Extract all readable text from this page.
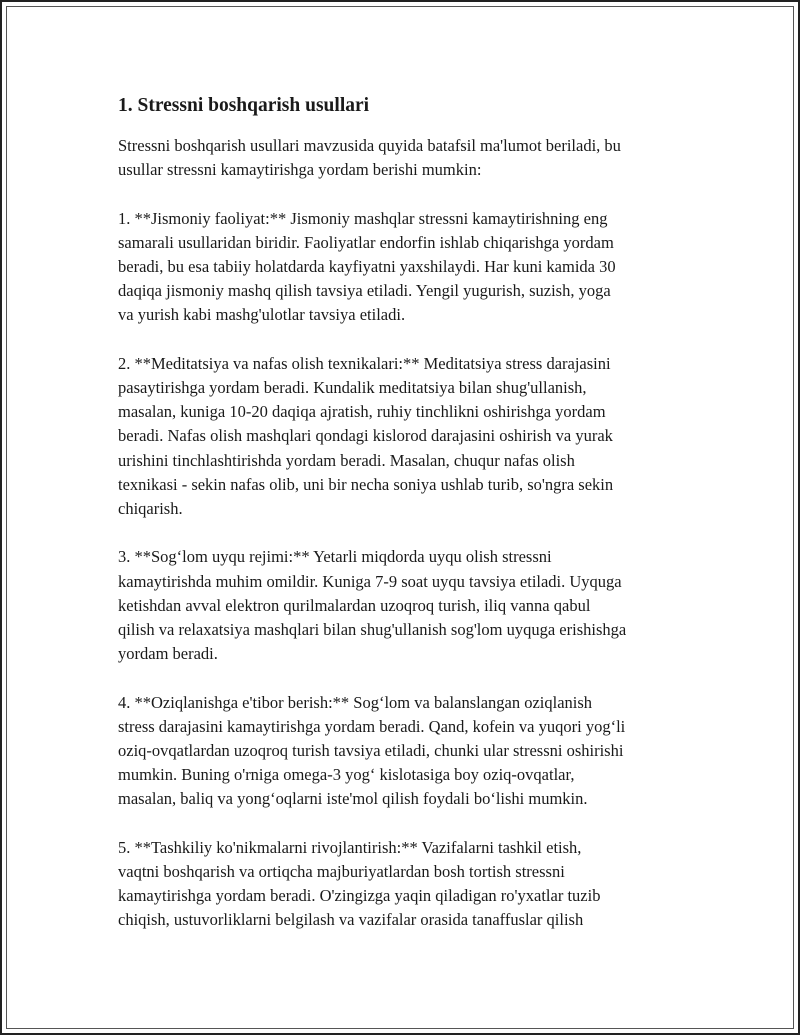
1. Stressni boshqarish usullari

Stressni boshqarish usullari mavzusida quyida batafsil ma'lumot beriladi, bu
usullar stressni kamaytirishga yordam berishi mumkin:

1. **Jismoniy faoliyat:** Jismoniy mashqlar stressni kamaytirishning eng
samarali usullaridan biridir. Faoliyatlar endorfin ishlab chiqarishga yordam
beradi, bu esa tabiiy holatdarda kayfiyatni yaxshilaydi. Har kuni kamida 30
daqiqa jismoniy mashq qilish tavsiya etiladi. Yengil yugurish, suzish, yoga
va yurish kabi mashg'ulotlar tavsiya etiladi.

2. **Meditatsiya va nafas olish texnikalari:** Meditatsiya stress darajasini
pasaytirishga yordam beradi. Kundalik meditatsiya bilan shug'ullanish,
masalan, kuniga 10-20 daqiqa ajratish, ruhiy tinchlikni oshirishga yordam
beradi. Nafas olish mashqlari qondagi kislorod darajasini oshirish va yurak
urishini tinchlashtirishda yordam beradi. Masalan, chuqur nafas olish
texnikasi - sekin nafas olib, uni bir necha soniya ushlab turib, so'ngra sekin
chiqarish.

3. **Sog‘lom uyqu rejimi:** Yetarli miqdorda uyqu olish stressni
kamaytirishda muhim omildir. Kuniga 7-9 soat uyqu tavsiya etiladi. Uyquga
ketishdan avval elektron qurilmalardan uzoqroq turish, iliq vanna qabul
qilish va relaxatsiya mashqlari bilan shug'ullanish sog'lom uyquga erishishga
yordam beradi.

4. **Oziqlanishga e'tibor berish:** Sog‘lom va balanslangan oziqlanish
stress darajasini kamaytirishga yordam beradi. Qand, kofein va yuqori yog‘li
oziq-ovqatlardan uzoqroq turish tavsiya etiladi, chunki ular stressni oshirishi
mumkin. Buning o'rniga omega-3 yog‘ kislotasiga boy oziq-ovqatlar,
masalan, baliq va yong‘oqlarni iste'mol qilish foydali bo‘lishi mumkin.

5. **Tashkiliy ko'nikmalarni rivojlantirish:** Vazifalarni tashkil etish,
vaqtni boshqarish va ortiqcha majburiyatlardan bosh tortish stressni
kamaytirishga yordam beradi. O'zingizga yaqin qiladigan ro'yxatlar tuzib
chiqish, ustuvorliklarni belgilash va vazifalar orasida tanaffuslar qilish
